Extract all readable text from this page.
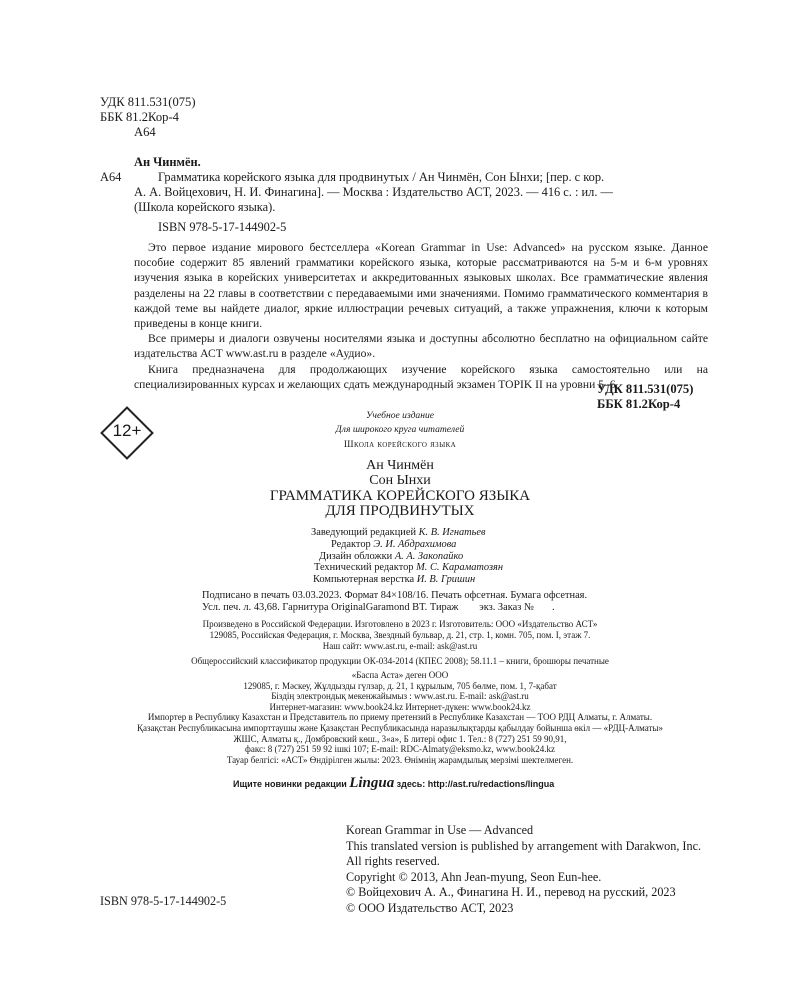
УДК 811.531(075)
ББК 81.2Кор-4
А64
Ан Чинмён.
А64	Грамматика корейского языка для продвинутых / Ан Чинмён, Сон Ынхи; [пер. с кор.
А. А. Войцехович, Н. И. Финагина]. — Москва : Издательство АСТ, 2023. — 416 с. : ил. —
(Школа корейского языка).
ISBN 978-5-17-144902-5

Это первое издание мирового бестселлера «Korean Grammar in Use: Advanced» на русском языке. Данное пособие содержит 85 явлений грамматики корейского языка, которые рассматриваются на 5-м и 6-м уровнях изучения языка в корейских университетах и аккредитованных языковых школах. Все грамматические явления разделены на 22 главы в соответствии с передаваемыми ими значениями. Помимо грамматического комментария в каждой теме вы найдете диалог, яркие иллюстрации речевых ситуаций, а также упражнения, ключи к которым приведены в конце книги.

Все примеры и диалоги озвучены носителями языка и доступны абсолютно бесплатно на официальном сайте издательства АСТ www.ast.ru в разделе «Аудио».

Книга предназначена для продолжающих изучение корейского языка самостоятельно или на специализированных курсах и желающих сдать международный экзамен TOPIK II на уровни 5–6.

УДК 811.531(075)
ББК 81.2Кор-4
12+
Учебное издание
Для широкого круга читателей
Школа корейского языка
Ан Чинмён
Сон Ынхи
ГРАММАТИКА КОРЕЙСКОГО ЯЗЫКА
ДЛЯ ПРОДВИНУТЫХ
Заведующий редакцией К. В. Игнатьев
Редактор Э. И. Абдрахимова
Дизайн обложки А. А. Закопайко
Технический редактор М. С. Караматозян
Компьютерная верстка И. В. Гришин
Подписано в печать 03.03.2023. Формат 84×108/16. Печать офсетная. Бумага офсетная.
Усл. печ. л. 43,68. Гарнитура OriginalGaramond BT. Тираж        экз. Заказ №       .
Произведено в Российской Федерации. Изготовлено в 2023 г. Изготовитель: ООО «Издательство АСТ»
129085, Российская Федерация, г. Москва, Звездный бульвар, д. 21, стр. 1, комн. 705, пом. I, этаж 7.
Наш сайт: www.ast.ru, e-mail: ask@ast.ru
Общероссийский классификатор продукции ОК-034-2014 (КПЕС 2008); 58.11.1 – книги, брошюры печатные
«Баспа Аста» деген ООО
129085, г. Мәскеу, Жұлдызды гүлзар, д. 21, 1 құрылым, 705 бөлме, пом. 1, 7-қабат
Біздің электрондық мекенжайымыз : www.ast.ru. E-mail: ask@ast.ru
Интернет-магазин: www.book24.kz Интернет-дүкен: www.book24.kz
Импортер в Республику Казахстан и Представитель по приему претензий в Республике Казахстан — ТОО РДЦ Алматы, г. Алматы.
Қазақстан Республикасына импорттаушы және Қазақстан Республикасында наразылықтарды қабылдау бойынша өкіл — «РДЦ-Алматы»
ЖШС, Алматы қ., Домбровский көш., 3«а», Б литері офис 1. Тел.: 8 (727) 251 59 90,91,
факс: 8 (727) 251 59 92 ішкі 107; E-mail: RDC-Almaty@eksmo.kz, www.book24.kz
Тауар белгісі: «АСТ» Өндірілген жылы: 2023. Өнімнің жарамдылық мерзімі шектелмеген.
Ищите новинки редакции Lingua здесь: http://ast.ru/redactions/lingua
Korean Grammar in Use — Advanced
This translated version is published by arrangement with Darakwon, Inc.
All rights reserved.
Copyright © 2013, Ahn Jean-myung, Seon Eun-hee.
© Войцехович А. А., Финагина Н. И., перевод на русский, 2023
© ООО Издательство АСТ, 2023
ISBN 978-5-17-144902-5
